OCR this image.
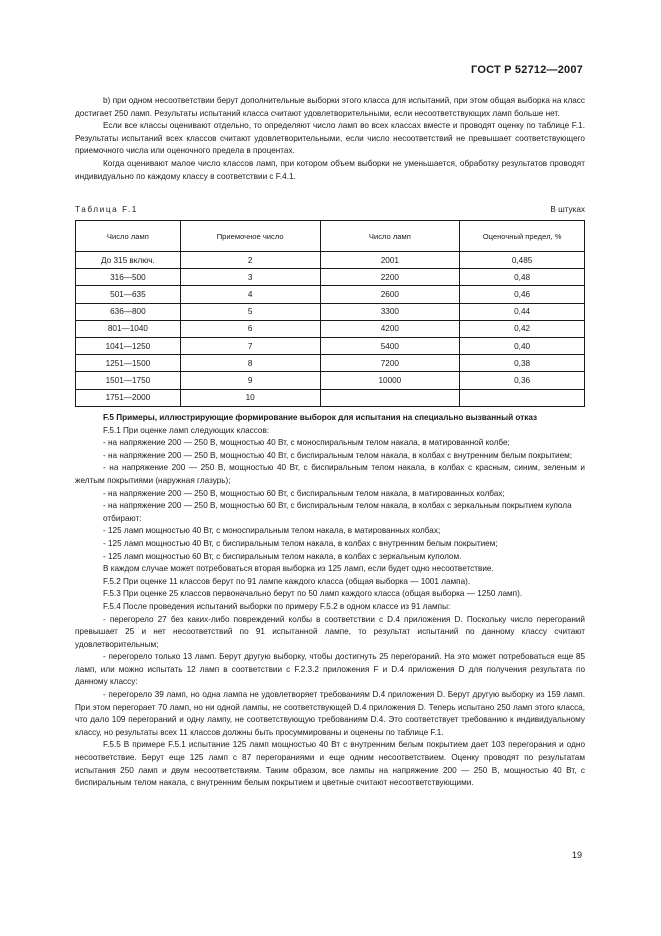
ГОСТ Р 52712—2007

b) при одном несоответствии берут дополнительные выборки этого класса для испытаний, при этом общая выборка на класс достигает 250 ламп. Результаты испытаний класса считают удовлетворительными, если несоответствующих ламп больше нет.

Если все классы оценивают отдельно, то определяют число ламп во всех классах вместе и проводят оценку по таблице F.1. Результаты испытаний всех классов считают удовлетворительными, если число несоответствий не превышает соответствующего приемочного числа или оценочного предела в процентах.

Когда оценивают малое число классов ламп, при котором объем выборки не уменьшается, обработку результатов проводят индивидуально по каждому классу в соответствии с F.4.1.

Таблица F.1	В штуках
Число ламп	Приемочное число	Число ламп	Оценочный предел, %
До 315 включ.	2	2001	0,485
316—500	3	2200	0,48
501—635	4	2600	0,46
636—800	5	3300	0,44
801—1040	6	4200	0,42
1041—1250	7	5400	0,40
1251—1500	8	7200	0,38
1501—1750	9	10000	0,36
1751—2000	10		

F.5 Примеры, иллюстрирующие формирование выборок для испытания на специально вызванный отказ

F.5.1 При оценке ламп следующих классов:

- на напряжение 200 — 250 В, мощностью 40 Вт, с моноспиральным телом накала, в матированной колбе;

- на напряжение 200 — 250 В, мощностью 40 Вт, с биспиральным телом накала, в колбах с внутренним белым покрытием;

- на напряжение 200 — 250 В, мощностью 40 Вт, с биспиральным телом накала, в колбах с красным, синим, зеленым и желтым покрытиями (наружная глазурь);

- на напряжение 200 — 250 В, мощностью 60 Вт, с биспиральным телом накала, в матированных колбах;

- на напряжение 200 — 250 В, мощностью 60 Вт, с биспиральным телом накала, в колбах с зеркальным покрытием купола

отбирают:

- 125 ламп мощностью 40 Вт, с моноспиральным телом накала, в матированных колбах;

- 125 ламп мощностью 40 Вт, с биспиральным телом накала, в колбах с внутренним белым покрытием;

- 125 ламп мощностью 60 Вт, с биспиральным телом накала, в колбах с зеркальным куполом.

В каждом случае может потребоваться вторая выборка из 125 ламп, если будет одно несоответствие.

F.5.2 При оценке 11 классов берут по 91 лампе каждого класса (общая выборка — 1001 лампа).

F.5.3 При оценке 25 классов первоначально берут по 50 ламп каждого класса (общая выборка — 1250 ламп).

F.5.4 После проведения испытаний выборки по примеру F.5.2 в одном классе из 91 лампы:

- перегорело 27 без каких-либо повреждений колбы в соответствии с D.4 приложения D. Поскольку число перегораний превышает 25 и нет несоответствий по 91 испытанной лампе, то результат испытаний по данному классу считают удовлетворительным;

- перегорело только 13 ламп. Берут другую выборку, чтобы достигнуть 25 перегораний. На это может потребоваться еще 85 ламп, или можно испытать 12 ламп в соответствии с F.2.3.2 приложения F и D.4 приложения D для получения результата по данному классу:

- перегорело 39 ламп, но одна лампа не удовлетворяет требованиям D.4 приложения D. Берут другую выборку из 159 ламп. При этом перегорает 70 ламп, но ни одной лампы, не соответствующей D.4 приложения D. Теперь испытано 250 ламп этого класса, что дало 109 перегораний и одну лампу, не соответствующую требованиям D.4. Это соответствует требованию к индивидуальному классу, но результаты всех 11 классов должны быть просуммированы и оценены по таблице F.1.

F.5.5 В примере F.5.1 испытание 125 ламп мощностью 40 Вт с внутренним белым покрытием дает 103 перегорания и одно несоответствие. Берут еще 125 ламп с 87 перегораниями и еще одним несоответствием. Оценку проводят по результатам испытания 250 ламп и двум несоответствиям. Таким образом, все лампы на напряжение 200 — 250 В, мощностью 40 Вт, с биспиральным телом накала, с внутренним белым покрытием и цветные считают несоответствующими.

19
